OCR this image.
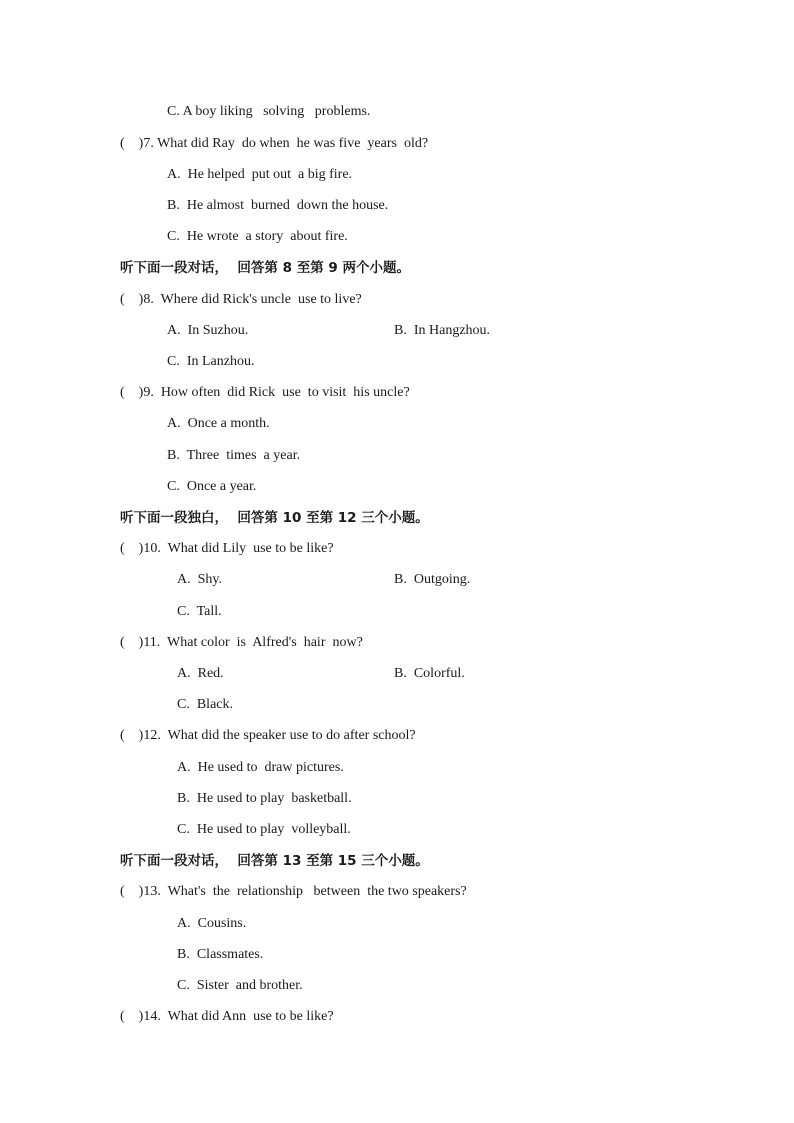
C. A boy liking   solving   problems.
(    )7. What did Ray  do when  he was five  years  old?
A.  He helped  put out  a big fire.
B.  He almost  burned  down the house.
C.  He wrote  a story  about fire.
听下面一段对话，  回答第 8 至第 9 两个小题。
(    )8.  Where did Rick's uncle  use to live?
A.  In Suzhou.	B.  In Hangzhou.
C.  In Lanzhou.
(    )9.  How often  did Rick  use  to visit  his uncle?
A.  Once a month.
B.  Three  times  a year.
C.  Once a year.
听下面一段独白，  回答第 10 至第 12 三个小题。
(    )10.  What did Lily  use to be like?
A.  Shy.	B.  Outgoing.
C.  Tall.
(    )11.  What color  is  Alfred's  hair  now?
A.  Red.	B.  Colorful.
C.  Black.
(    )12.  What did the speaker use to do after school?
A.  He used to  draw pictures.
B.  He used to play  basketball.
C.  He used to play  volleyball.
听下面一段对话，  回答第 13 至第 15 三个小题。
(    )13.  What's  the  relationship   between  the two speakers?
A.  Cousins.
B.  Classmates.
C.  Sister  and brother.
(    )14.  What did Ann  use to be like?
